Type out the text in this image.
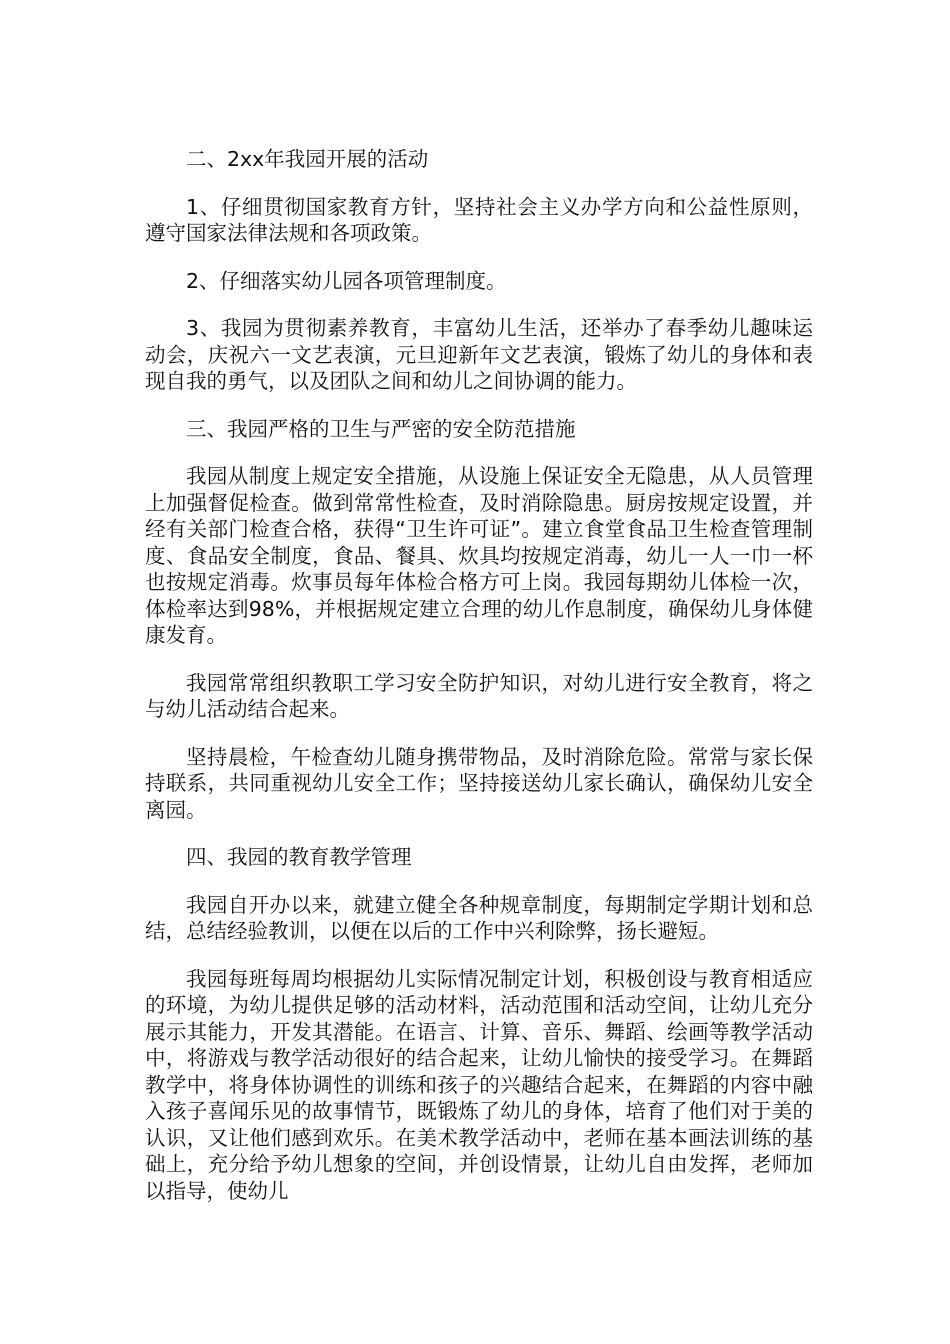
二、2xx年我园开展的活动

1、仔细贯彻国家教育方针，坚持社会主义办学方向和公益性原则，遵守国家法律法规和各项政策。

2、仔细落实幼儿园各项管理制度。

3、我园为贯彻素养教育，丰富幼儿生活，还举办了春季幼儿趣味运动会，庆祝六一文艺表演，元旦迎新年文艺表演，锻炼了幼儿的身体和表现自我的勇气，以及团队之间和幼儿之间协调的能力。

三、我园严格的卫生与严密的安全防范措施

我园从制度上规定安全措施，从设施上保证安全无隐患，从人员管理上加强督促检查。做到常常性检查，及时消除隐患。厨房按规定设置，并经有关部门检查合格，获得“卫生许可证”。建立食堂食品卫生检查管理制度、食品安全制度，食品、餐具、炊具均按规定消毒，幼儿一人一巾一杯也按规定消毒。炊事员每年体检合格方可上岗。我园每期幼儿体检一次，体检率达到98%，并根据规定建立合理的幼儿作息制度，确保幼儿身体健康发育。

我园常常组织教职工学习安全防护知识，对幼儿进行安全教育，将之与幼儿活动结合起来。

坚持晨检，午检查幼儿随身携带物品，及时消除危险。常常与家长保持联系，共同重视幼儿安全工作；坚持接送幼儿家长确认，确保幼儿安全离园。

四、我园的教育教学管理

我园自开办以来，就建立健全各种规章制度，每期制定学期计划和总结，总结经验教训，以便在以后的工作中兴利除弊，扬长避短。

我园每班每周均根据幼儿实际情况制定计划，积极创设与教育相适应的环境，为幼儿提供足够的活动材料，活动范围和活动空间，让幼儿充分展示其能力，开发其潜能。在语言、计算、音乐、舞蹈、绘画等教学活动中，将游戏与教学活动很好的结合起来，让幼儿愉快的接受学习。在舞蹈教学中，将身体协调性的训练和孩子的兴趣结合起来，在舞蹈的内容中融入孩子喜闻乐见的故事情节，既锻炼了幼儿的身体，培育了他们对于美的认识，又让他们感到欢乐。在美术教学活动中，老师在基本画法训练的基础上，充分给予幼儿想象的空间，并创设情景，让幼儿自由发挥，老师加以指导，使幼儿
